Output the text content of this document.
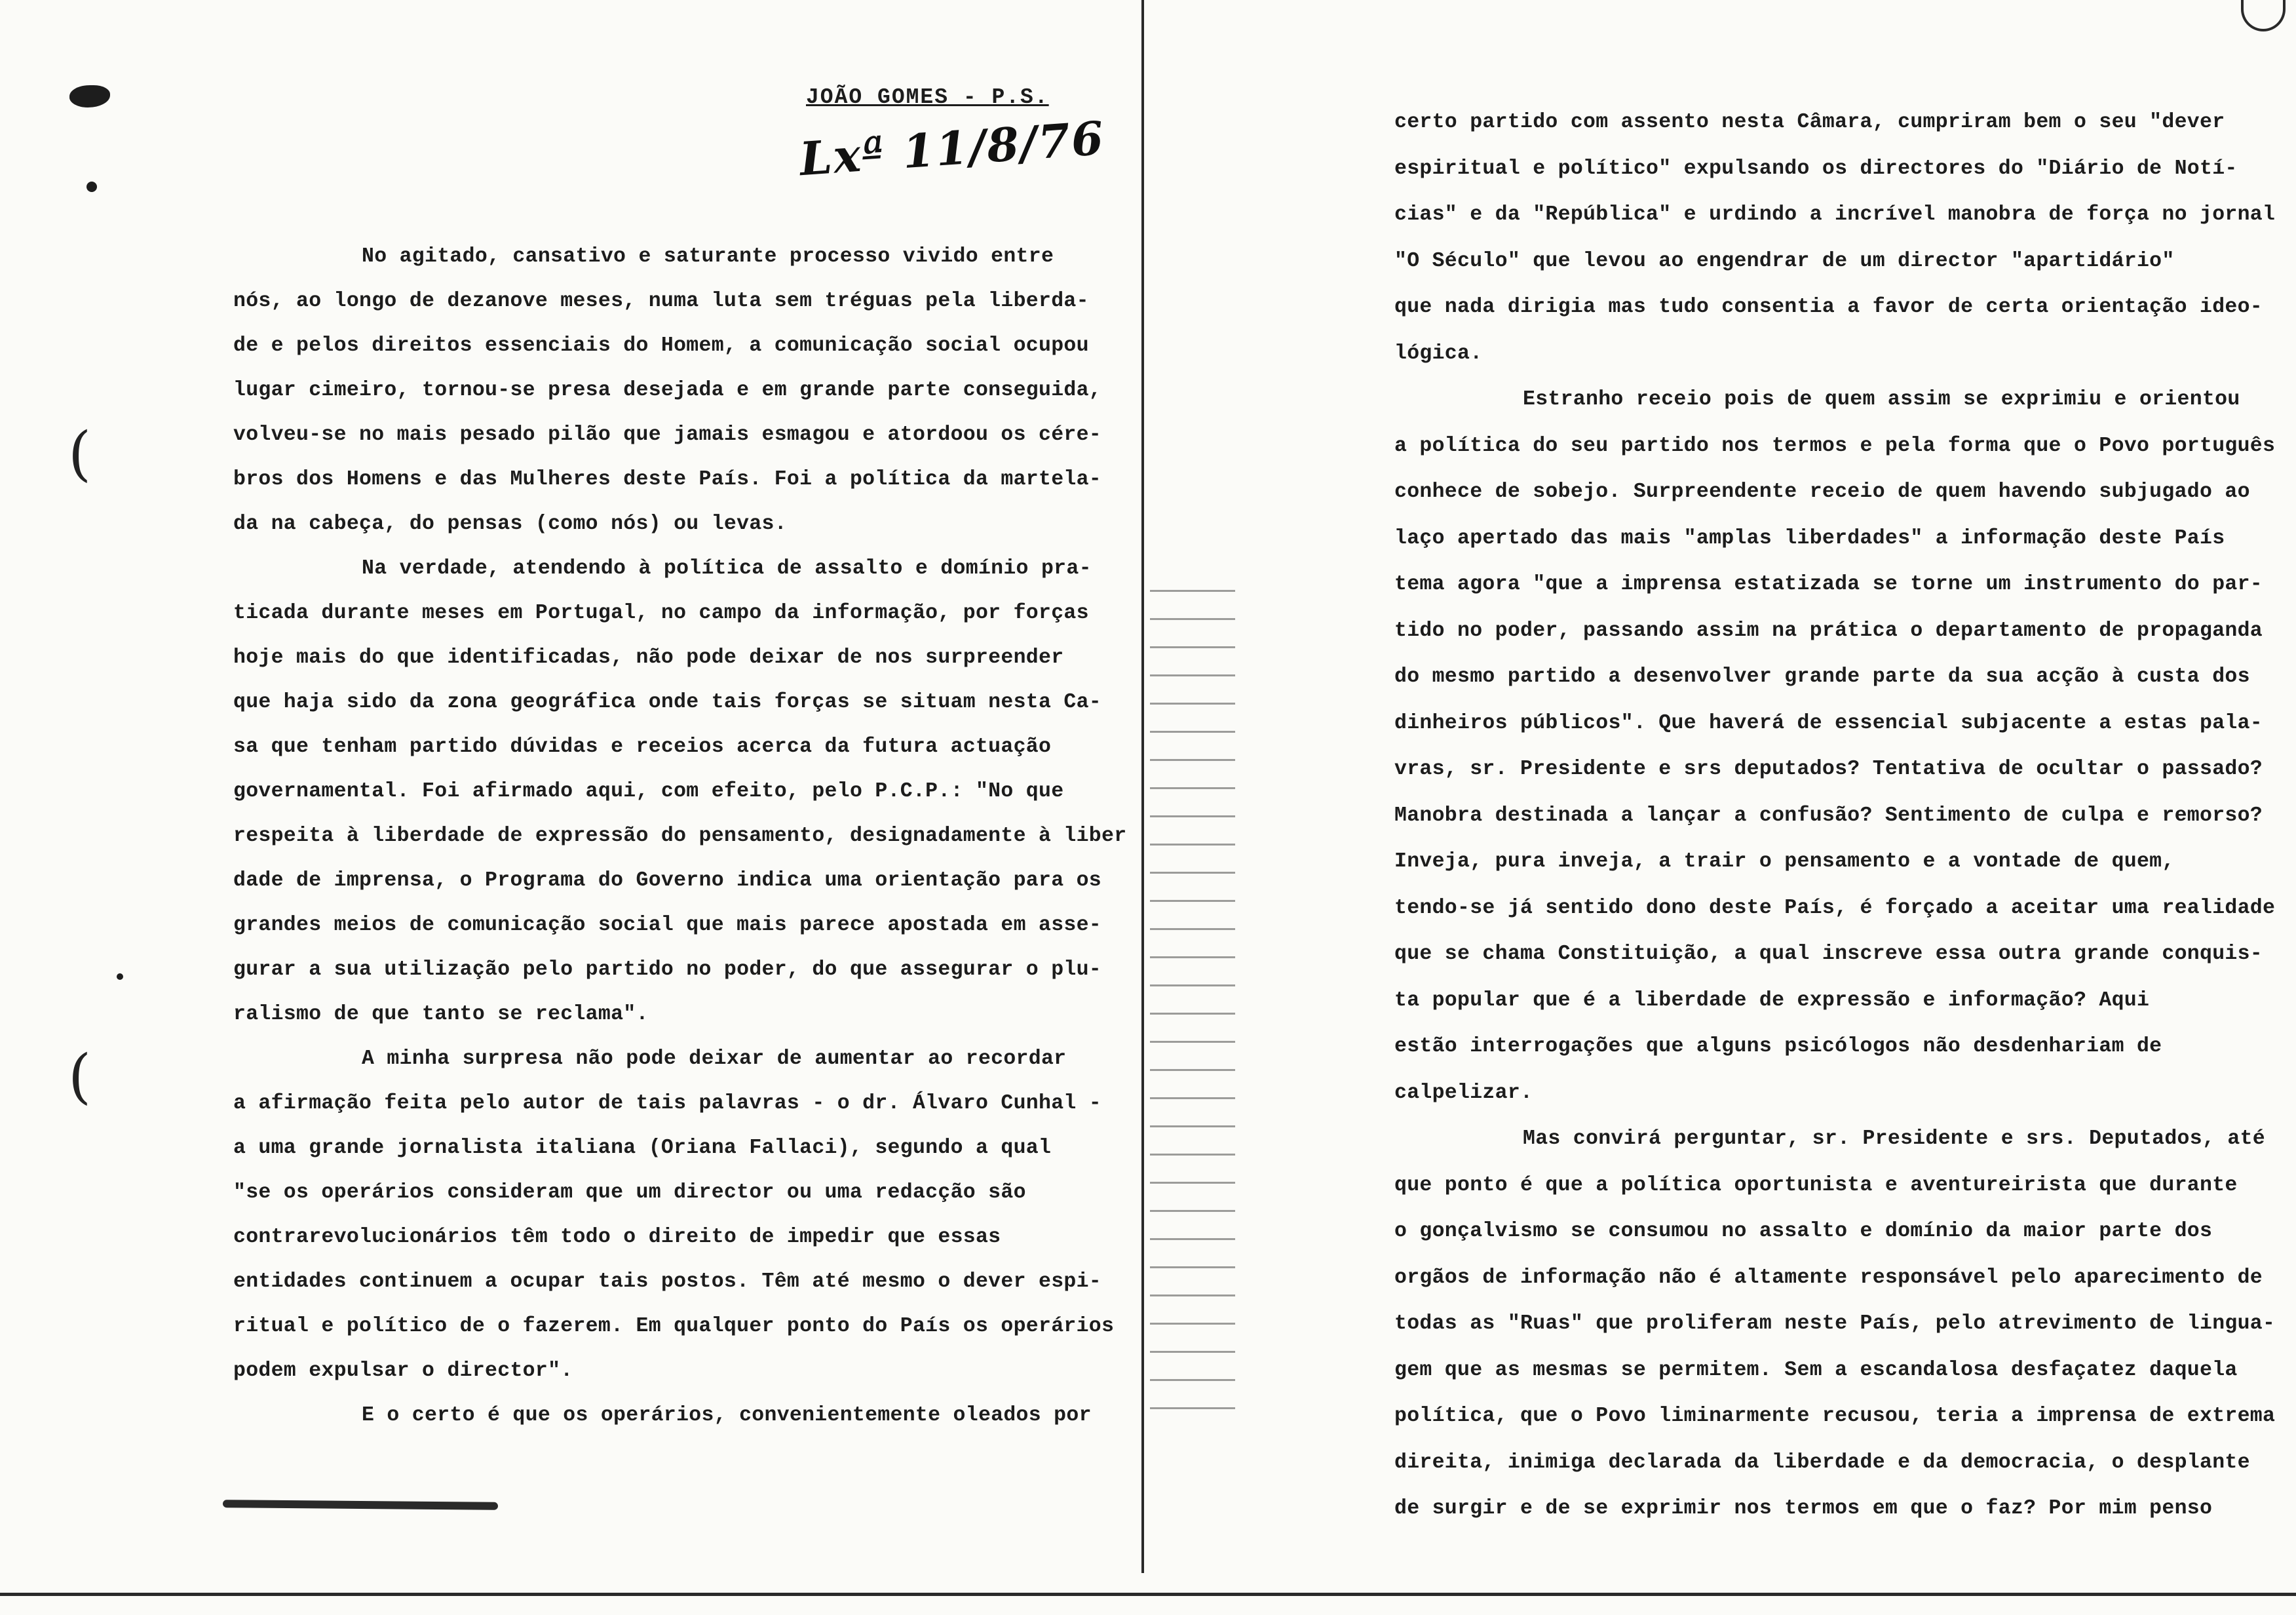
(
(
JOÃO GOMES - P.S.
Lxª 11/8/76
No agitado, cansativo e saturante processo vivido entre
nós, ao longo de dezanove meses, numa luta sem tréguas pela liberda-
de e pelos direitos essenciais do Homem, a comunicação social ocupou
lugar cimeiro, tornou-se presa desejada e em grande parte conseguida,
volveu-se no mais pesado pilão que jamais esmagou e atordoou os cére-
bros dos Homens e das Mulheres deste País. Foi a política da martela-
da na cabeça, do pensas (como nós) ou levas.
Na verdade, atendendo à política de assalto e domínio pra-
ticada durante meses em Portugal, no campo da informação, por forças
hoje mais do que identificadas, não pode deixar de nos surpreender
que haja sido da zona geográfica onde tais forças se situam nesta Ca-
sa que tenham partido dúvidas e receios acerca da futura actuação
governamental. Foi afirmado aqui, com efeito, pelo P.C.P.: "No que
respeita à liberdade de expressão do pensamento, designadamente à liber
dade de imprensa, o Programa do Governo indica uma orientação para os
grandes meios de comunicação social que mais parece apostada em asse-
gurar a sua utilização pelo partido no poder, do que assegurar o plu-
ralismo de que tanto se reclama".
A minha surpresa não pode deixar de aumentar ao recordar
a afirmação feita pelo autor de tais palavras - o dr. Álvaro Cunhal -
a uma grande jornalista italiana (Oriana Fallaci), segundo a qual
"se os operários consideram que um director ou uma redacção são
contrarevolucionários têm todo o direito de impedir que essas
entidades continuem a ocupar tais postos. Têm até mesmo o dever espi-
ritual e político de o fazerem. Em qualquer ponto do País os operários
podem expulsar o director".
E o certo é que os operários, convenientemente oleados por
certo partido com assento nesta Câmara, cumpriram bem o seu "dever
espiritual e político" expulsando os directores do "Diário de Notí-
cias" e da "República" e urdindo a incrível manobra de força no jornal
"O Século" que levou ao engendrar de um director "apartidário"
que nada dirigia mas tudo consentia a favor de certa orientação ideo-
lógica.
Estranho receio pois de quem assim se exprimiu e orientou
a política do seu partido nos termos e pela forma que o Povo português
conhece de sobejo. Surpreendente receio de quem havendo subjugado ao
laço apertado das mais "amplas liberdades" a informação deste País
tema agora "que a imprensa estatizada se torne um instrumento do par-
tido no poder, passando assim na prática o departamento de propaganda
do mesmo partido a desenvolver grande parte da sua acção à custa dos
dinheiros públicos". Que haverá de essencial subjacente a estas pala-
vras, sr. Presidente e srs deputados? Tentativa de ocultar o passado?
Manobra destinada a lançar a confusão? Sentimento de culpa e remorso?
Inveja, pura inveja, a trair o pensamento e a vontade de quem,
tendo-se já sentido dono deste País, é forçado a aceitar uma realidade
que se chama Constituição, a qual inscreve essa outra grande conquis-
ta popular que é a liberdade de expressão e informação? Aqui
estão interrogações que alguns psicólogos não desdenhariam de
calpelizar.
Mas convirá perguntar, sr. Presidente e srs. Deputados, até
que ponto é que a política oportunista e aventureirista que durante
o gonçalvismo se consumou no assalto e domínio da maior parte dos
orgãos de informação não é altamente responsável pelo aparecimento de
todas as "Ruas" que proliferam neste País, pelo atrevimento de lingua-
gem que as mesmas se permitem. Sem a escandalosa desfaçatez daquela
política, que o Povo liminarmente recusou, teria a imprensa de extrema
direita, inimiga declarada da liberdade e da democracia, o desplante
de surgir e de se exprimir nos termos em que o faz? Por mim penso
